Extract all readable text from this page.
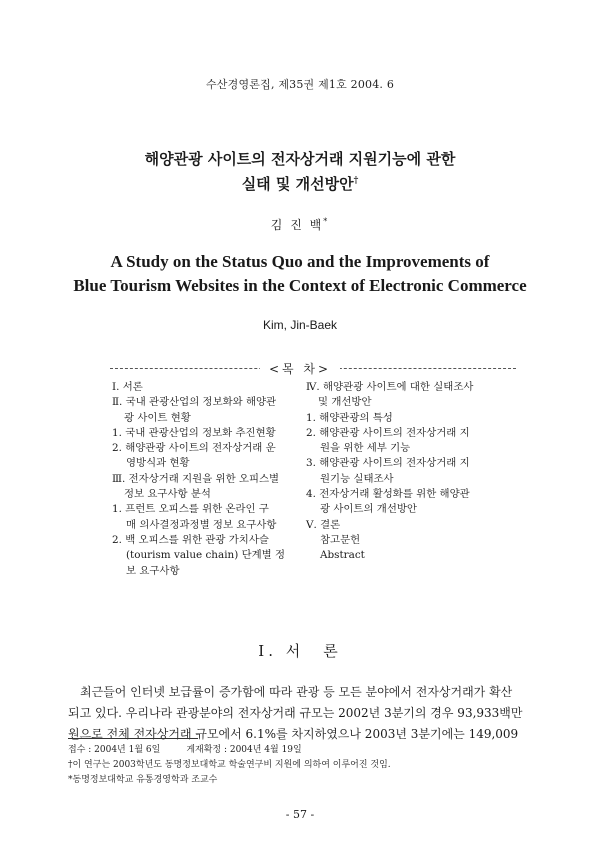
수산경영론집, 제35권 제1호 2004. 6
해양관광 사이트의 전자상거래 지원기능에 관한
실태 및 개선방안†
김 진 백*
A Study on the Status Quo and the Improvements of
Blue Tourism Websites in the Context of Electronic Commerce
Kim, Jin-Baek
<목 차>
Ⅰ. 서론
Ⅱ. 국내 관광산업의 정보화와 해양관
광 사이트 현황
1. 국내 관광산업의 정보화 추진현황
2. 해양관광 사이트의 전자상거래 운
영방식과 현황
Ⅲ. 전자상거래 지원을 위한 오피스별
정보 요구사항 분석
1. 프런트 오피스를 위한 온라인 구
매 의사결정과정별 정보 요구사항
2. 백 오피스를 위한 관광 가치사슬
(tourism value chain) 단계별 정
보 요구사항
Ⅳ. 해양관광 사이트에 대한 실태조사
및 개선방안
1. 해양관광의 특성
2. 해양관광 사이트의 전자상거래 지
원을 위한 세부 기능
3. 해양관광 사이트의 전자상거래 지
원기능 실태조사
4. 전자상거래 활성화를 위한 해양관
광 사이트의 개선방안
Ⅴ. 결론
참고문헌
Abstract
Ⅰ. 서　론
최근들어 인터넷 보급률이 증가함에 따라 관광 등 모든 분야에서 전자상거래가 확산
되고 있다. 우리나라 관광분야의 전자상거래 규모는 2002년 3분기의 경우 93,933백만
원으로 전체 전자상거래 규모에서 6.1%를 차지하였으나 2003년 3분기에는 149,009
접수 : 2004년 1월 6일	게재확정 : 2004년 4월 19일
†이 연구는 2003학년도 동명정보대학교 학술연구비 지원에 의하여 이루어진 것임.
*동명정보대학교 유통경영학과 조교수
- 57 -
